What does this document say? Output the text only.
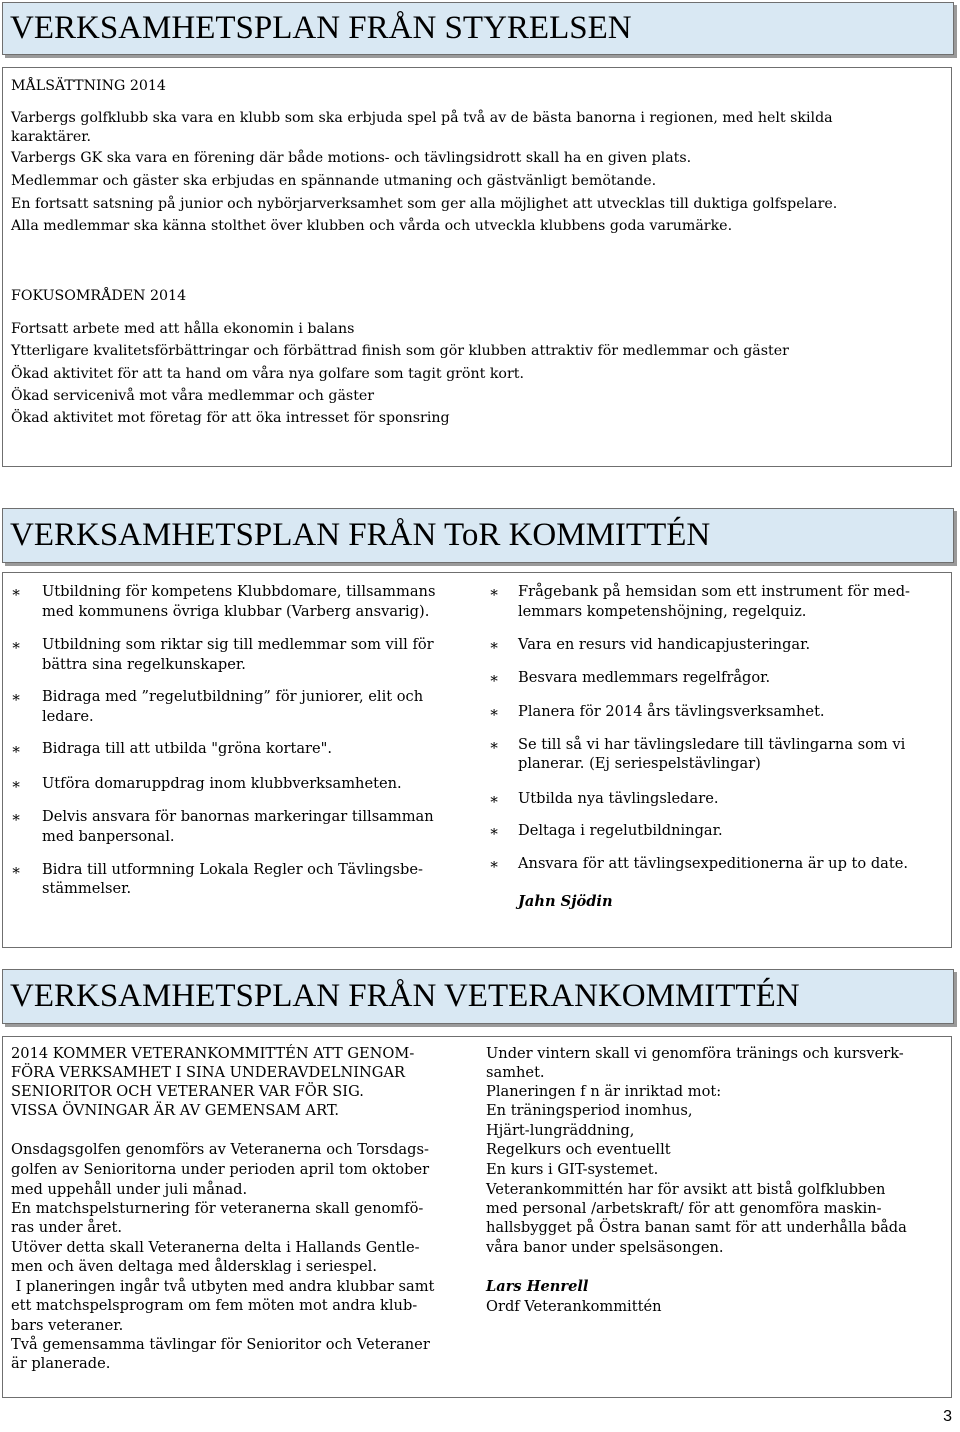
VERKSAMHETSPLAN FRÅN STYRELSEN
MÅLSÄTTNING 2014
Varbergs golfklubb ska vara en klubb som ska erbjuda spel på två av de bästa banorna i regionen, med helt skilda
karaktärer.
Varbergs GK ska vara en förening där både motions- och tävlingsidrott skall ha en given plats.
Medlemmar och gäster ska erbjudas en spännande utmaning och gästvänligt bemötande.
En fortsatt satsning på junior och nybörjarverksamhet som ger alla möjlighet att utvecklas till duktiga golfspelare.
Alla medlemmar ska känna stolthet över klubben och vårda och utveckla klubbens goda varumärke.
FOKUSOMRÅDEN 2014
Fortsatt arbete med att hålla ekonomin i balans
Ytterligare kvalitetsförbättringar och förbättrad finish som gör klubben attraktiv för medlemmar och gäster
Ökad aktivitet för att ta hand om våra nya golfare som tagit grönt kort.
Ökad servicenivå mot våra medlemmar och gäster
Ökad aktivitet mot företag för att öka intresset för sponsring
VERKSAMHETSPLAN FRÅN ToR KOMMITTÉN
∗ Utbildning för kompetens Klubbdomare, tillsammans
med kommunens övriga klubbar (Varberg ansvarig).
∗ Utbildning som riktar sig till medlemmar som vill för
bättra sina regelkunskaper.
∗ Bidraga med ”regelutbildning” för juniorer, elit och
ledare.
∗ Bidraga till att utbilda "gröna kortare".
∗ Utföra domaruppdrag inom klubbverksamheten.
∗ Delvis ansvara för banornas markeringar tillsamman
med banpersonal.
∗ Bidra till utformning Lokala Regler och Tävlingsbe-
stämmelser.
∗ Frågebank på hemsidan som ett instrument för med-
lemmars kompetenshöjning, regelquiz.
∗ Vara en resurs vid handicapjusteringar.
∗ Besvara medlemmars regelfrågor.
∗ Planera för 2014 års tävlingsverksamhet.
∗ Se till så vi har tävlingsledare till tävlingarna som vi
planerar. (Ej seriespelstävlingar)
∗ Utbilda nya tävlingsledare.
∗ Deltaga i regelutbildningar.
∗ Ansvara för att tävlingsexpeditionerna är up to date.
Jahn Sjödin
VERKSAMHETSPLAN FRÅN VETERANKOMMITTÉN
2014 KOMMER VETERANKOMMITTÉN ATT GENOM-
FÖRA VERKSAMHET I SINA UNDERAVDELNINGAR
SENIORITOR OCH VETERANER VAR FÖR SIG.
VISSA ÖVNINGAR ÄR AV GEMENSAM ART.
Onsdagsgolfen genomförs av Veteranerna och Torsdags-
golfen av Senioritorna under perioden april tom oktober
med uppehåll under juli månad.
En matchspelsturnering för veteranerna skall genomfö-
ras under året.
Utöver detta skall Veteranerna delta i Hallands Gentle-
men och även deltaga med åldersklag i seriespel.
I planeringen ingår två utbyten med andra klubbar samt
ett matchspelsprogram om fem möten mot andra klub-
bars veteraner.
Två gemensamma tävlingar för Senioritor och Veteraner
är planerade.
Under vintern skall vi genomföra tränings och kursverk-
samhet.
Planeringen f n är inriktad mot:
En träningsperiod inomhus,
Hjärt-lungräddning,
Regelkurs och eventuellt
En kurs i GIT-systemet.
Veterankommittén har för avsikt att bistå golfklubben
med personal /arbetskraft/ för att genomföra maskin-
hallsbygget på Östra banan samt för att underhålla båda
våra banor under spelsäsongen.
Lars Henrell
Ordf Veterankommittén
3
